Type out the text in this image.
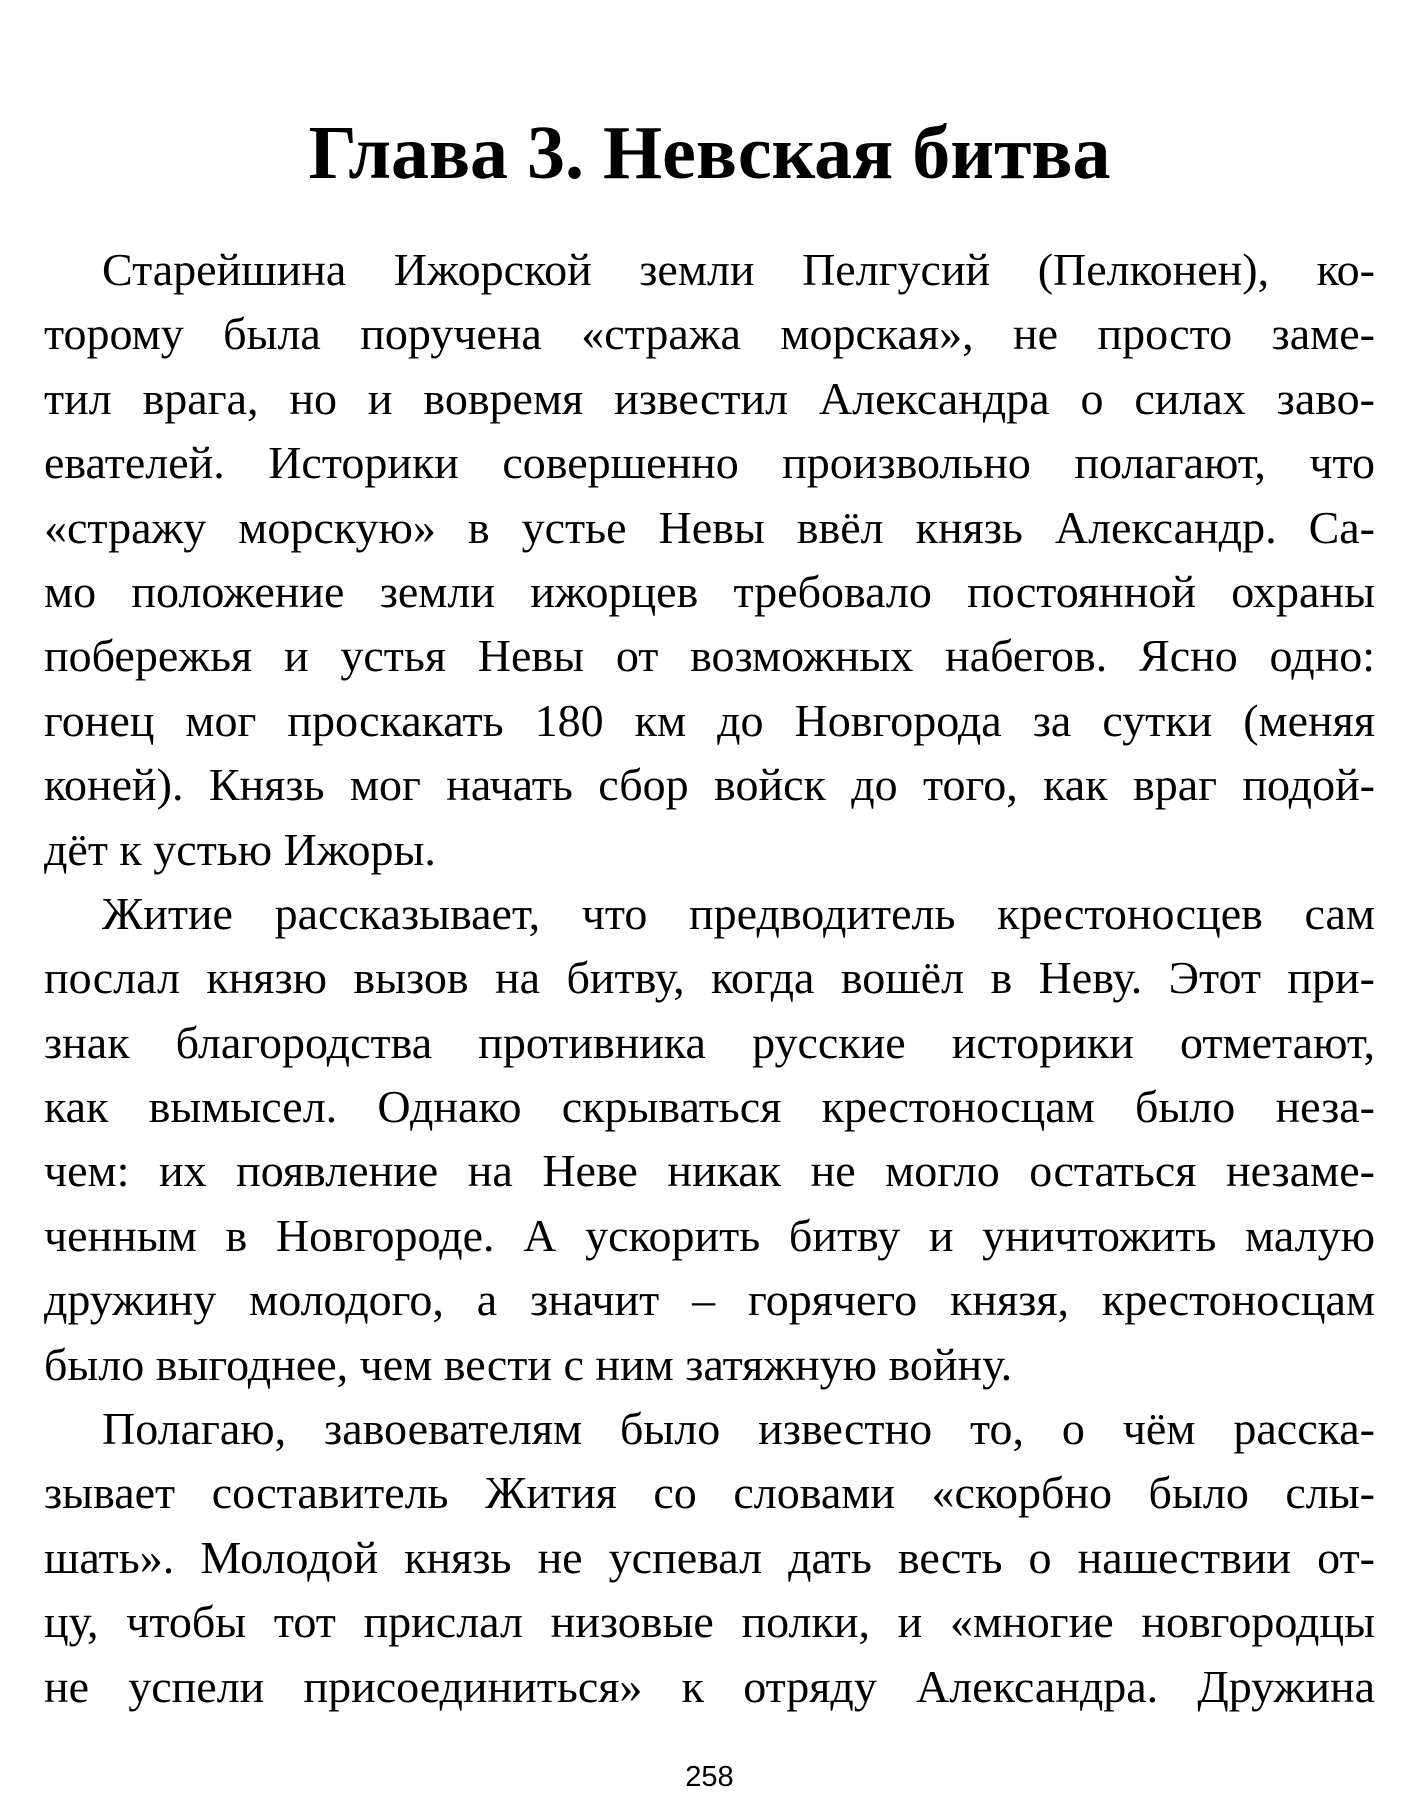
Глава 3. Невская битва

Старейшина Ижорской земли Пелгусий (Пелконен), ко-
торому была поручена «стража морская», не просто заме-
тил врага, но и вовремя известил Александра о силах заво-
евателей. Историки совершенно произвольно полагают, что
«стражу морскую» в устье Невы ввёл князь Александр. Са-
мо положение земли ижорцев требовало постоянной охраны
побережья и устья Невы от возможных набегов. Ясно одно:
гонец мог проскакать 180 км до Новгорода за сутки (меняя
коней). Князь мог начать сбор войск до того, как враг подой-
дёт к устью Ижоры.

Житие рассказывает, что предводитель крестоносцев сам
послал князю вызов на битву, когда вошёл в Неву. Этот при-
знак благородства противника русские историки отметают,
как вымысел. Однако скрываться крестоносцам было неза-
чем: их появление на Неве никак не могло остаться незаме-
ченным в Новгороде. А ускорить битву и уничтожить малую
дружину молодого, а значит – горячего князя, крестоносцам
было выгоднее, чем вести с ним затяжную войну.

Полагаю, завоевателям было известно то, о чём расска-
зывает составитель Жития со словами «скорбно было слы-
шать». Молодой князь не успевал дать весть о нашествии от-
цу, чтобы тот прислал низовые полки, и «многие новгородцы
не успели присоединиться» к отряду Александра. Дружина

258
